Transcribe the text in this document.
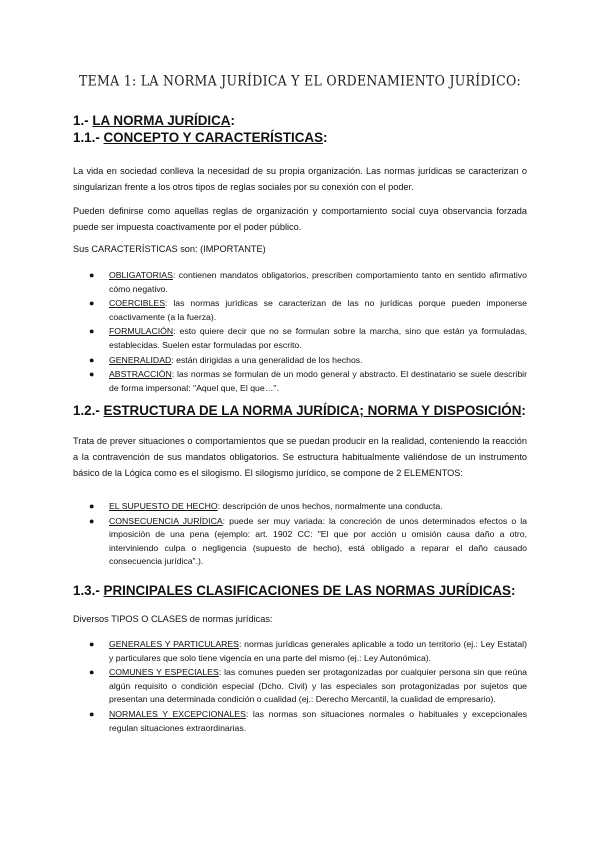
TEMA 1: LA NORMA JURÍDICA Y EL ORDENAMIENTO JURÍDICO:
1.- LA NORMA JURÍDICA:
1.1.- CONCEPTO Y CARACTERÍSTICAS:

La vida en sociedad conlleva la necesidad de su propia organización. Las normas jurídicas se caracterizan o singularizan frente a los otros tipos de reglas sociales por su conexión con el poder.

Pueden definirse como aquellas reglas de organización y comportamiento social cuya observancia forzada puede ser impuesta coactivamente por el poder público.

Sus CARACTERÍSTICAS son: (IMPORTANTE)

● OBLIGATORIAS: contienen mandatos obligatorios, prescriben comportamiento tanto en sentido afirmativo cómo negativo.
● COERCIBLES: las normas jurídicas se caracterizan de las no jurídicas porque pueden imponerse coactivamente (a la fuerza).
● FORMULACIÓN: esto quiere decir que no se formulan sobre la marcha, sino que están ya formuladas, establecidas. Suelen estar formuladas por escrito.
● GENERALIDAD: están dirigidas a una generalidad de los hechos.
● ABSTRACCIÓN: las normas se formulan de un modo general y abstracto. El destinatario se suele describir de forma impersonal: "Aquel que, El que…".
1.2.- ESTRUCTURA DE LA NORMA JURÍDICA; NORMA Y DISPOSICIÓN:

Trata de prever situaciones o comportamientos que se puedan producir en la realidad, conteniendo la reacción a la contravención de sus mandatos obligatorios. Se estructura habitualmente valiéndose de un instrumento básico de la Lógica como es el silogismo. El silogismo jurídico, se compone de 2 ELEMENTOS:

● EL SUPUESTO DE HECHO: descripción de unos hechos, normalmente una conducta.
● CONSECUENCIA JURÍDICA: puede ser muy variada: la concreción de unos determinados efectos o la imposición de una pena (ejemplo: art. 1902 CC: "El que por acción u omisión causa daño a otro, interviniendo culpa o negligencia (supuesto de hecho), está obligado a reparar el daño causado consecuencia jurídica".).
1.3.- PRINCIPALES CLASIFICACIONES DE LAS NORMAS JURÍDICAS:

Diversos TIPOS O CLASES de normas jurídicas:

● GENERALES Y PARTICULARES: normas jurídicas generales aplicable a todo un territorio (ej.: Ley Estatal) y particulares que solo tiene vigencia en una parte del mismo (ej.: Ley Autonómica).
● COMUNES Y ESPECIALES: las comunes pueden ser protagonizadas por cualquier persona sin que reúna algún requisito o condición especial (Dcho. Civil) y las especiales son protagonizadas por sujetos que presentan una determinada condición o cualidad (ej.: Derecho Mercantil, la cualidad de empresario).
● NORMALES Y EXCEPCIONALES: las normas son situaciones normales o habituales y excepcionales regulan situaciones extraordinarias.
